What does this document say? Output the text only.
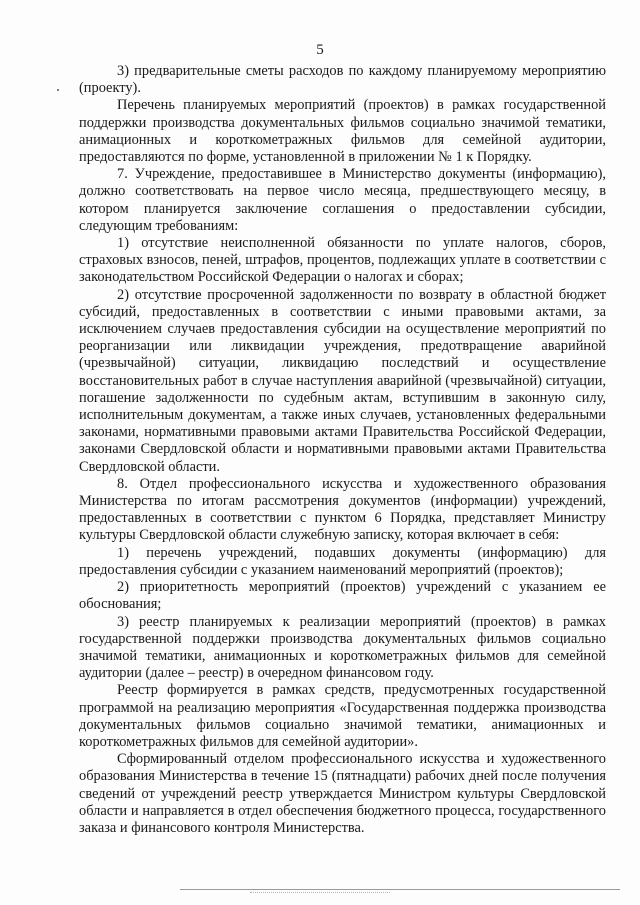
5

3) предварительные сметы расходов по каждому планируемому мероприятию (проекту).

Перечень планируемых мероприятий (проектов) в рамках государственной поддержки производства документальных фильмов социально значимой тематики, анимационных и короткометражных фильмов для семейной аудитории, предоставляются по форме, установленной в приложении № 1 к Порядку.

7. Учреждение, предоставившее в Министерство документы (информацию), должно соответствовать на первое число месяца, предшествующего месяцу, в котором планируется заключение соглашения о предоставлении субсидии, следующим требованиям:

1) отсутствие неисполненной обязанности по уплате налогов, сборов, страховых взносов, пеней, штрафов, процентов, подлежащих уплате в соответствии с законодательством Российской Федерации о налогах и сборах;

2) отсутствие просроченной задолженности по возврату в областной бюджет субсидий, предоставленных в соответствии с иными правовыми актами, за исключением случаев предоставления субсидии на осуществление мероприятий по реорганизации или ликвидации учреждения, предотвращение аварийной (чрезвычайной) ситуации, ликвидацию последствий и осуществление восстановительных работ в случае наступления аварийной (чрезвычайной) ситуации, погашение задолженности по судебным актам, вступившим в законную силу, исполнительным документам, а также иных случаев, установленных федеральными законами, нормативными правовыми актами Правительства Российской Федерации, законами Свердловской области и нормативными правовыми актами Правительства Свердловской области.

8. Отдел профессионального искусства и художественного образования Министерства по итогам рассмотрения документов (информации) учреждений, предоставленных в соответствии с пунктом 6 Порядка, представляет Министру культуры Свердловской области служебную записку, которая включает в себя:

1) перечень учреждений, подавших документы (информацию) для предоставления субсидии с указанием наименований мероприятий (проектов);

2) приоритетность мероприятий (проектов) учреждений с указанием ее обоснования;

3) реестр планируемых к реализации мероприятий (проектов) в рамках государственной поддержки производства документальных фильмов социально значимой тематики, анимационных и короткометражных фильмов для семейной аудитории (далее – реестр) в очередном финансовом году.

Реестр формируется в рамках средств, предусмотренных государственной программой на реализацию мероприятия «Государственная поддержка производства документальных фильмов социально значимой тематики, анимационных и короткометражных фильмов для семейной аудитории».

Сформированный отделом профессионального искусства и художественного образования Министерства в течение 15 (пятнадцати) рабочих дней после получения сведений от учреждений реестр утверждается Министром культуры Свердловской области и направляется в отдел обеспечения бюджетного процесса, государственного заказа и финансового контроля Министерства.
